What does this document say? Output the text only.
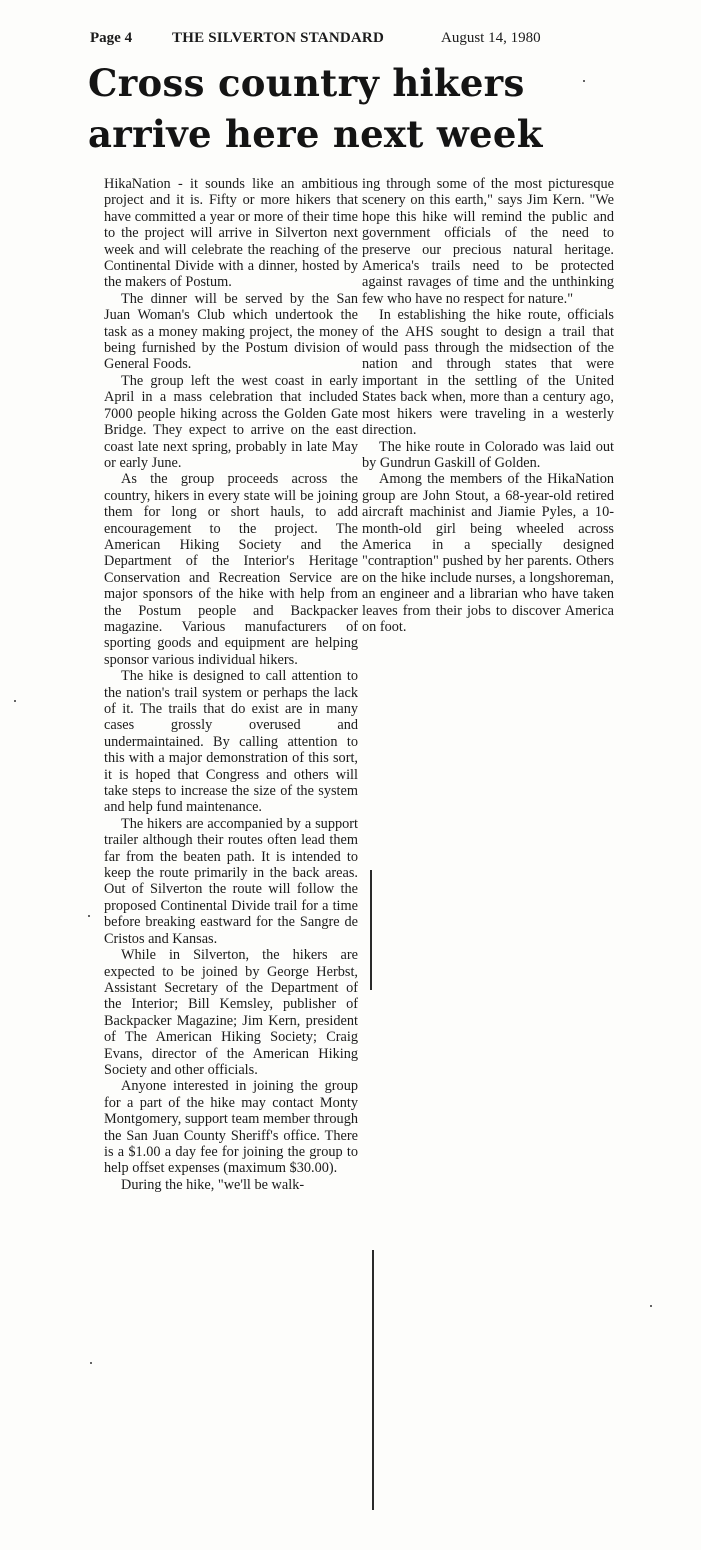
Page 4	THE SILVERTON STANDARD	August 14, 1980
Cross country hikers
arrive here next week

HikaNation - it sounds like an ambitious project and it is. Fifty or more hikers that have committed a year or more of their time to the project will arrive in Silverton next week and will celebrate the reaching of the Continental Divide with a dinner, hosted by the makers of Postum.

The dinner will be served by the San Juan Woman's Club which undertook the task as a money making project, the money being furnished by the Postum division of General Foods.

The group left the west coast in early April in a mass celebration that included 7000 people hiking across the Golden Gate Bridge. They expect to arrive on the east coast late next spring, probably in late May or early June.

As the group proceeds across the country, hikers in every state will be joining them for long or short hauls, to add encouragement to the project. The American Hiking Society and the Department of the Interior's Heritage Conservation and Recreation Service are major sponsors of the hike with help from the Postum people and Backpacker magazine. Various manufacturers of sporting goods and equipment are helping sponsor various individual hikers.

The hike is designed to call attention to the nation's trail system or perhaps the lack of it. The trails that do exist are in many cases grossly overused and undermaintained. By calling attention to this with a major demonstration of this sort, it is hoped that Congress and others will take steps to increase the size of the system and help fund maintenance.

The hikers are accompanied by a support trailer although their routes often lead them far from the beaten path. It is intended to keep the route primarily in the back areas. Out of Silverton the route will follow the proposed Continental Divide trail for a time before breaking eastward for the Sangre de Cristos and Kansas.

While in Silverton, the hikers are expected to be joined by George Herbst, Assistant Secretary of the Department of the Interior; Bill Kemsley, publisher of Backpacker Magazine; Jim Kern, president of The American Hiking Society; Craig Evans, director of the American Hiking Society and other officials.

Anyone interested in joining the group for a part of the hike may contact Monty Montgomery, support team member through the San Juan County Sheriff's office. There is a $1.00 a day fee for joining the group to help offset expenses (maximum $30.00).

During the hike, "we'll be walk-

ing through some of the most picturesque scenery on this earth," says Jim Kern. "We hope this hike will remind the public and government officials of the need to preserve our precious natural heritage. America's trails need to be protected against ravages of time and the unthinking few who have no respect for nature."

In establishing the hike route, officials of the AHS sought to design a trail that would pass through the midsection of the nation and through states that were important in the settling of the United States back when, more than a century ago, most hikers were traveling in a westerly direction.

The hike route in Colorado was laid out by Gundrun Gaskill of Golden.

Among the members of the HikaNation group are John Stout, a 68-year-old retired aircraft machinist and Jiamie Pyles, a 10-month-old girl being wheeled across America in a specially designed "contraption" pushed by her parents. Others on the hike include nurses, a longshoreman, an engineer and a librarian who have taken leaves from their jobs to discover America on foot.
